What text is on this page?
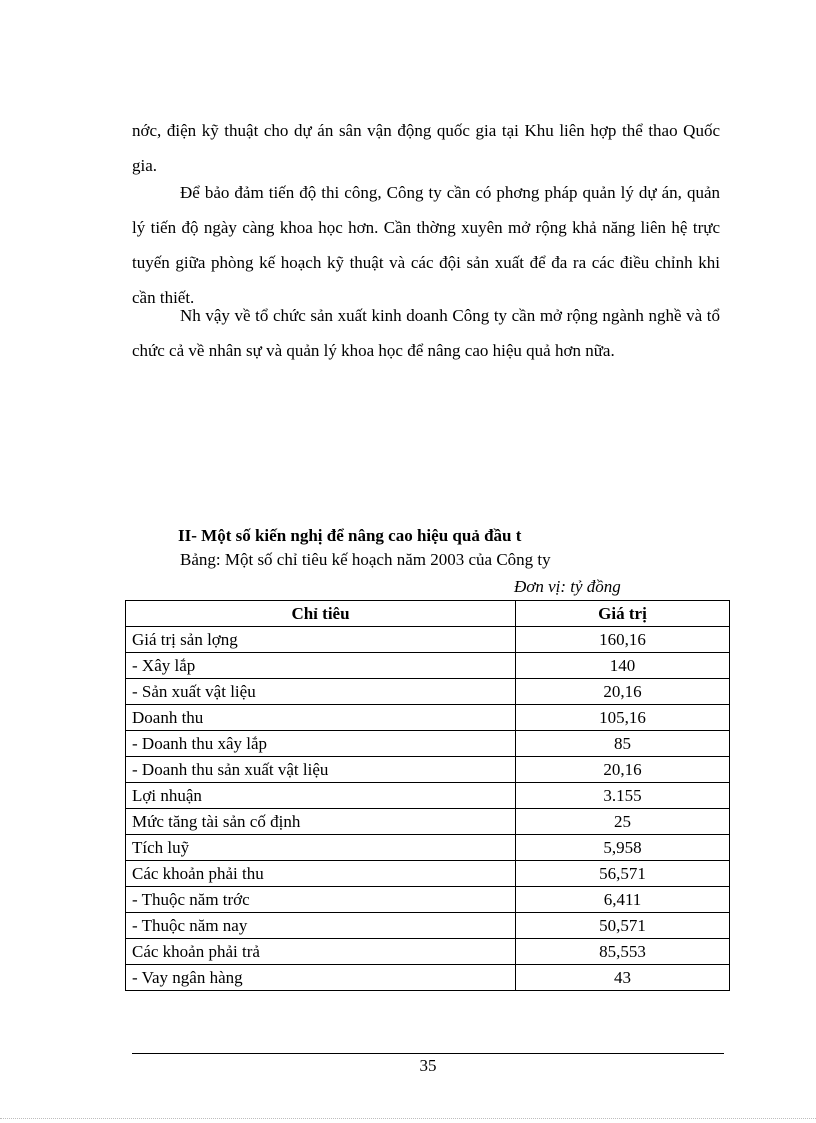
nớc, điện kỹ thuật cho dự án sân vận động quốc gia tại Khu liên hợp thể thao Quốc gia.

Để bảo đảm tiến độ thi công, Công ty cần có phơng pháp quản lý dự án, quản lý tiến độ ngày càng khoa học hơn. Cần thờng xuyên mở rộng khả năng liên hệ trực tuyến giữa phòng kế hoạch kỹ thuật và các đội sản xuất để đa ra các điều chỉnh khi cần thiết.

Nh vậy về tổ chức sản xuất kinh doanh Công ty cần mở rộng ngành nghề và tổ chức cả về nhân sự và quản lý khoa học để nâng cao hiệu quả hơn nữa.

II- Một số kiến nghị để nâng cao hiệu quả đầu t
Bảng: Một số chỉ tiêu kế hoạch năm 2003 của Công ty
Đơn vị: tỷ đồng
Chỉ tiêu	Giá trị
Giá trị sản lợng	160,16
- Xây lắp	140
- Sản xuất vật liệu	20,16
Doanh thu	105,16
- Doanh thu xây lắp	85
- Doanh thu sản xuất vật liệu	20,16
Lợi nhuận	3.155
Mức tăng tài sản cố định	25
Tích luỹ	5,958
Các khoản phải thu	56,571
- Thuộc năm trớc	6,411
- Thuộc năm nay	50,571
Các khoản phải trả	85,553
- Vay ngân hàng	43
35
